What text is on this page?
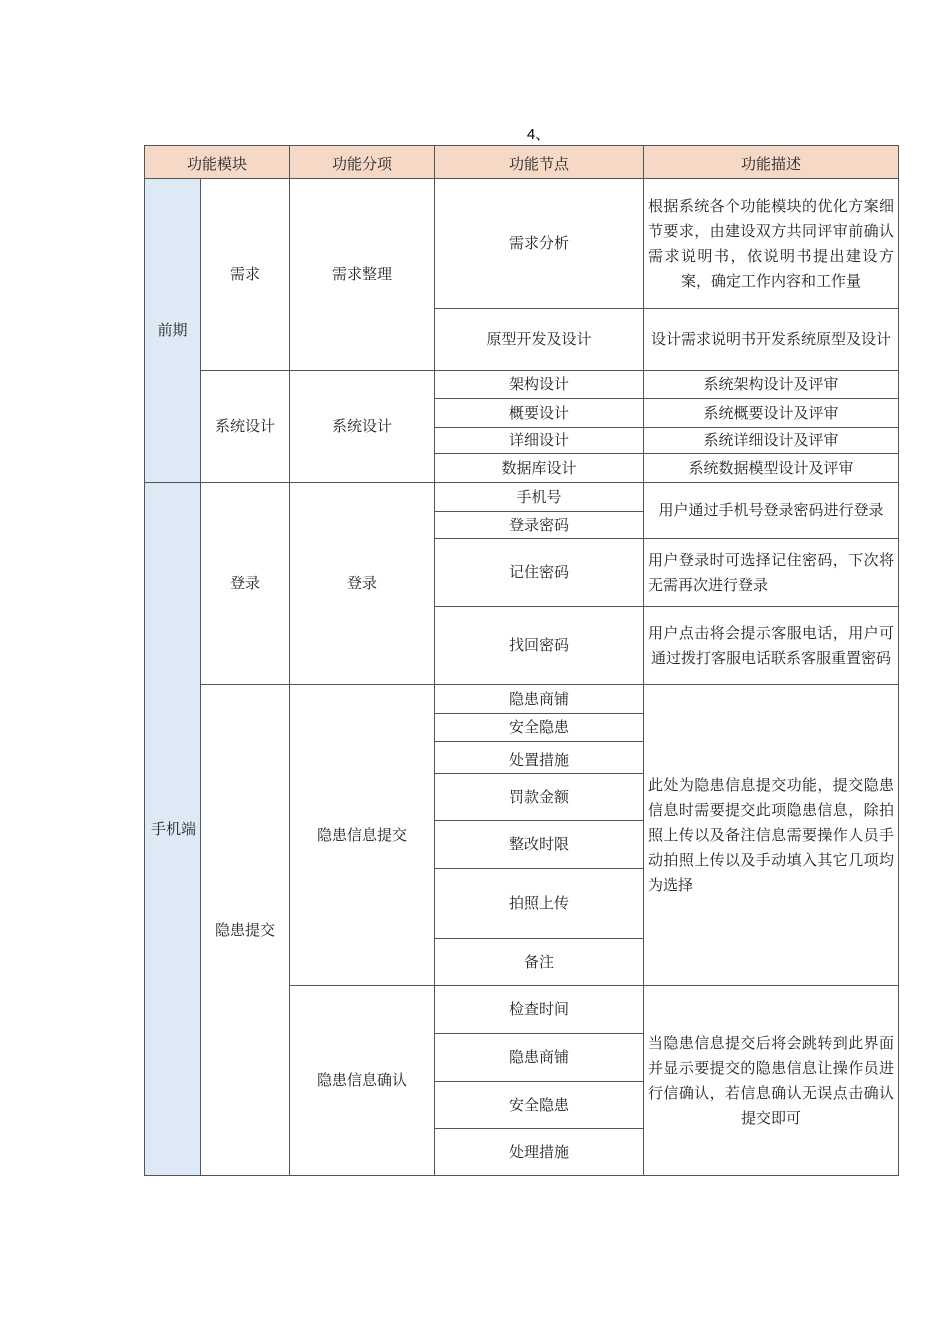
4、
功能模块		功能分项	功能节点	功能描述
前期	需求	需求整理	需求分析	根据系统各个功能模块的优化方案细节要求，由建设双方共同评审前确认需求说明书，依说明书提出建设方案，确定工作内容和工作量
			原型开发及设计	设计需求说明书开发系统原型及设计
	系统设计	系统设计	架构设计	系统架构设计及评审
			概要设计	系统概要设计及评审
			详细设计	系统详细设计及评审
			数据库设计	系统数据模型设计及评审
手机端	登录	登录	手机号	用户通过手机号登录密码进行登录
			登录密码	
			记住密码	用户登录时可选择记住密码，下次将无需再次进行登录
			找回密码	用户点击将会提示客服电话，用户可通过拨打客服电话联系客服重置密码
	隐患提交	隐患信息提交	隐患商铺	此处为隐患信息提交功能，提交隐患信息时需要提交此项隐患信息，除拍照上传以及备注信息需要操作人员手动拍照上传以及手动填入其它几项均为选择
			安全隐患	
			处置措施	
			罚款金额	
			整改时限	
			拍照上传	
			备注	
		隐患信息确认	检查时间	当隐患信息提交后将会跳转到此界面并显示要提交的隐患信息让操作员进行信确认，若信息确认无误点击确认提交即可
			隐患商铺	
			安全隐患	
			处理措施	
